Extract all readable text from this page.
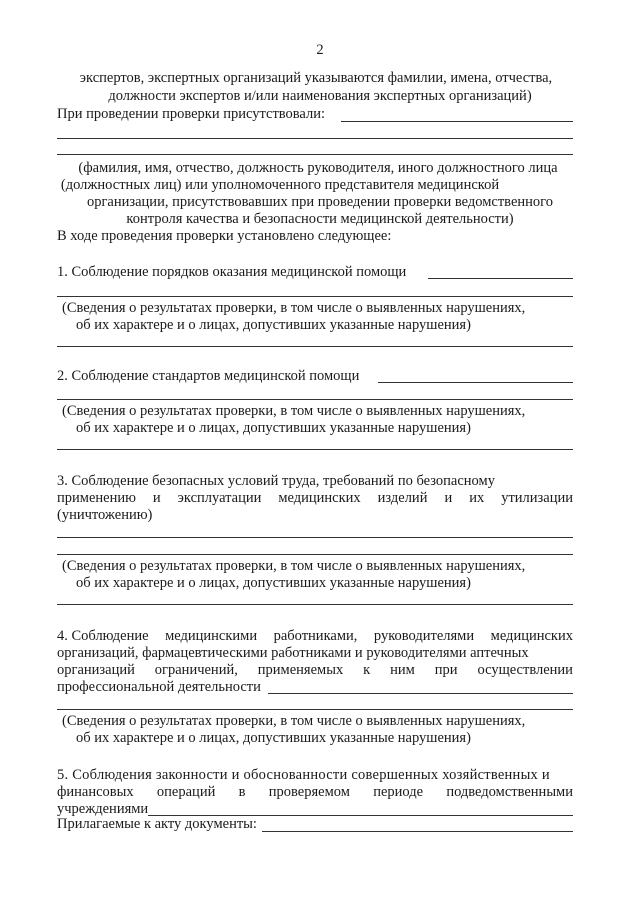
2
экспертов, экспертных организаций указываются фамилии, имена, отчества,
должности экспертов и/или наименования экспертных организаций)
При проведении проверки присутствовали:
(фамилия, имя, отчество, должность руководителя, иного должностного лица
(должностных лиц) или уполномоченного представителя медицинской
организации, присутствовавших при проведении проверки ведомственного
контроля качества и безопасности медицинской деятельности)
В ходе проведения проверки установлено следующее:
1. Соблюдение порядков оказания медицинской помощи
(Сведения о результатах проверки, в том числе о выявленных нарушениях,
об их характере и о лицах, допустивших указанные нарушения)
2. Соблюдение стандартов медицинской помощи
(Сведения о результатах проверки, в том числе о выявленных нарушениях,
об их характере и о лицах, допустивших указанные нарушения)
3. Соблюдение безопасных условий труда, требований по безопасному
применению и эксплуатации медицинских изделий и их утилизации
(уничтожению)
(Сведения о результатах проверки, в том числе о выявленных нарушениях,
об их характере и о лицах, допустивших указанные нарушения)
4. Соблюдение медицинскими работниками, руководителями медицинских
организаций, фармацевтическими работниками и руководителями аптечных
организаций ограничений, применяемых к ним при осуществлении
профессиональной деятельности
(Сведения о результатах проверки, в том числе о выявленных нарушениях,
об их характере и о лицах, допустивших указанные нарушения)
5. Соблюдения законности и обоснованности совершенных хозяйственных и
финансовых операций в проверяемом периоде подведомственными
учреждениями
Прилагаемые к акту документы:
